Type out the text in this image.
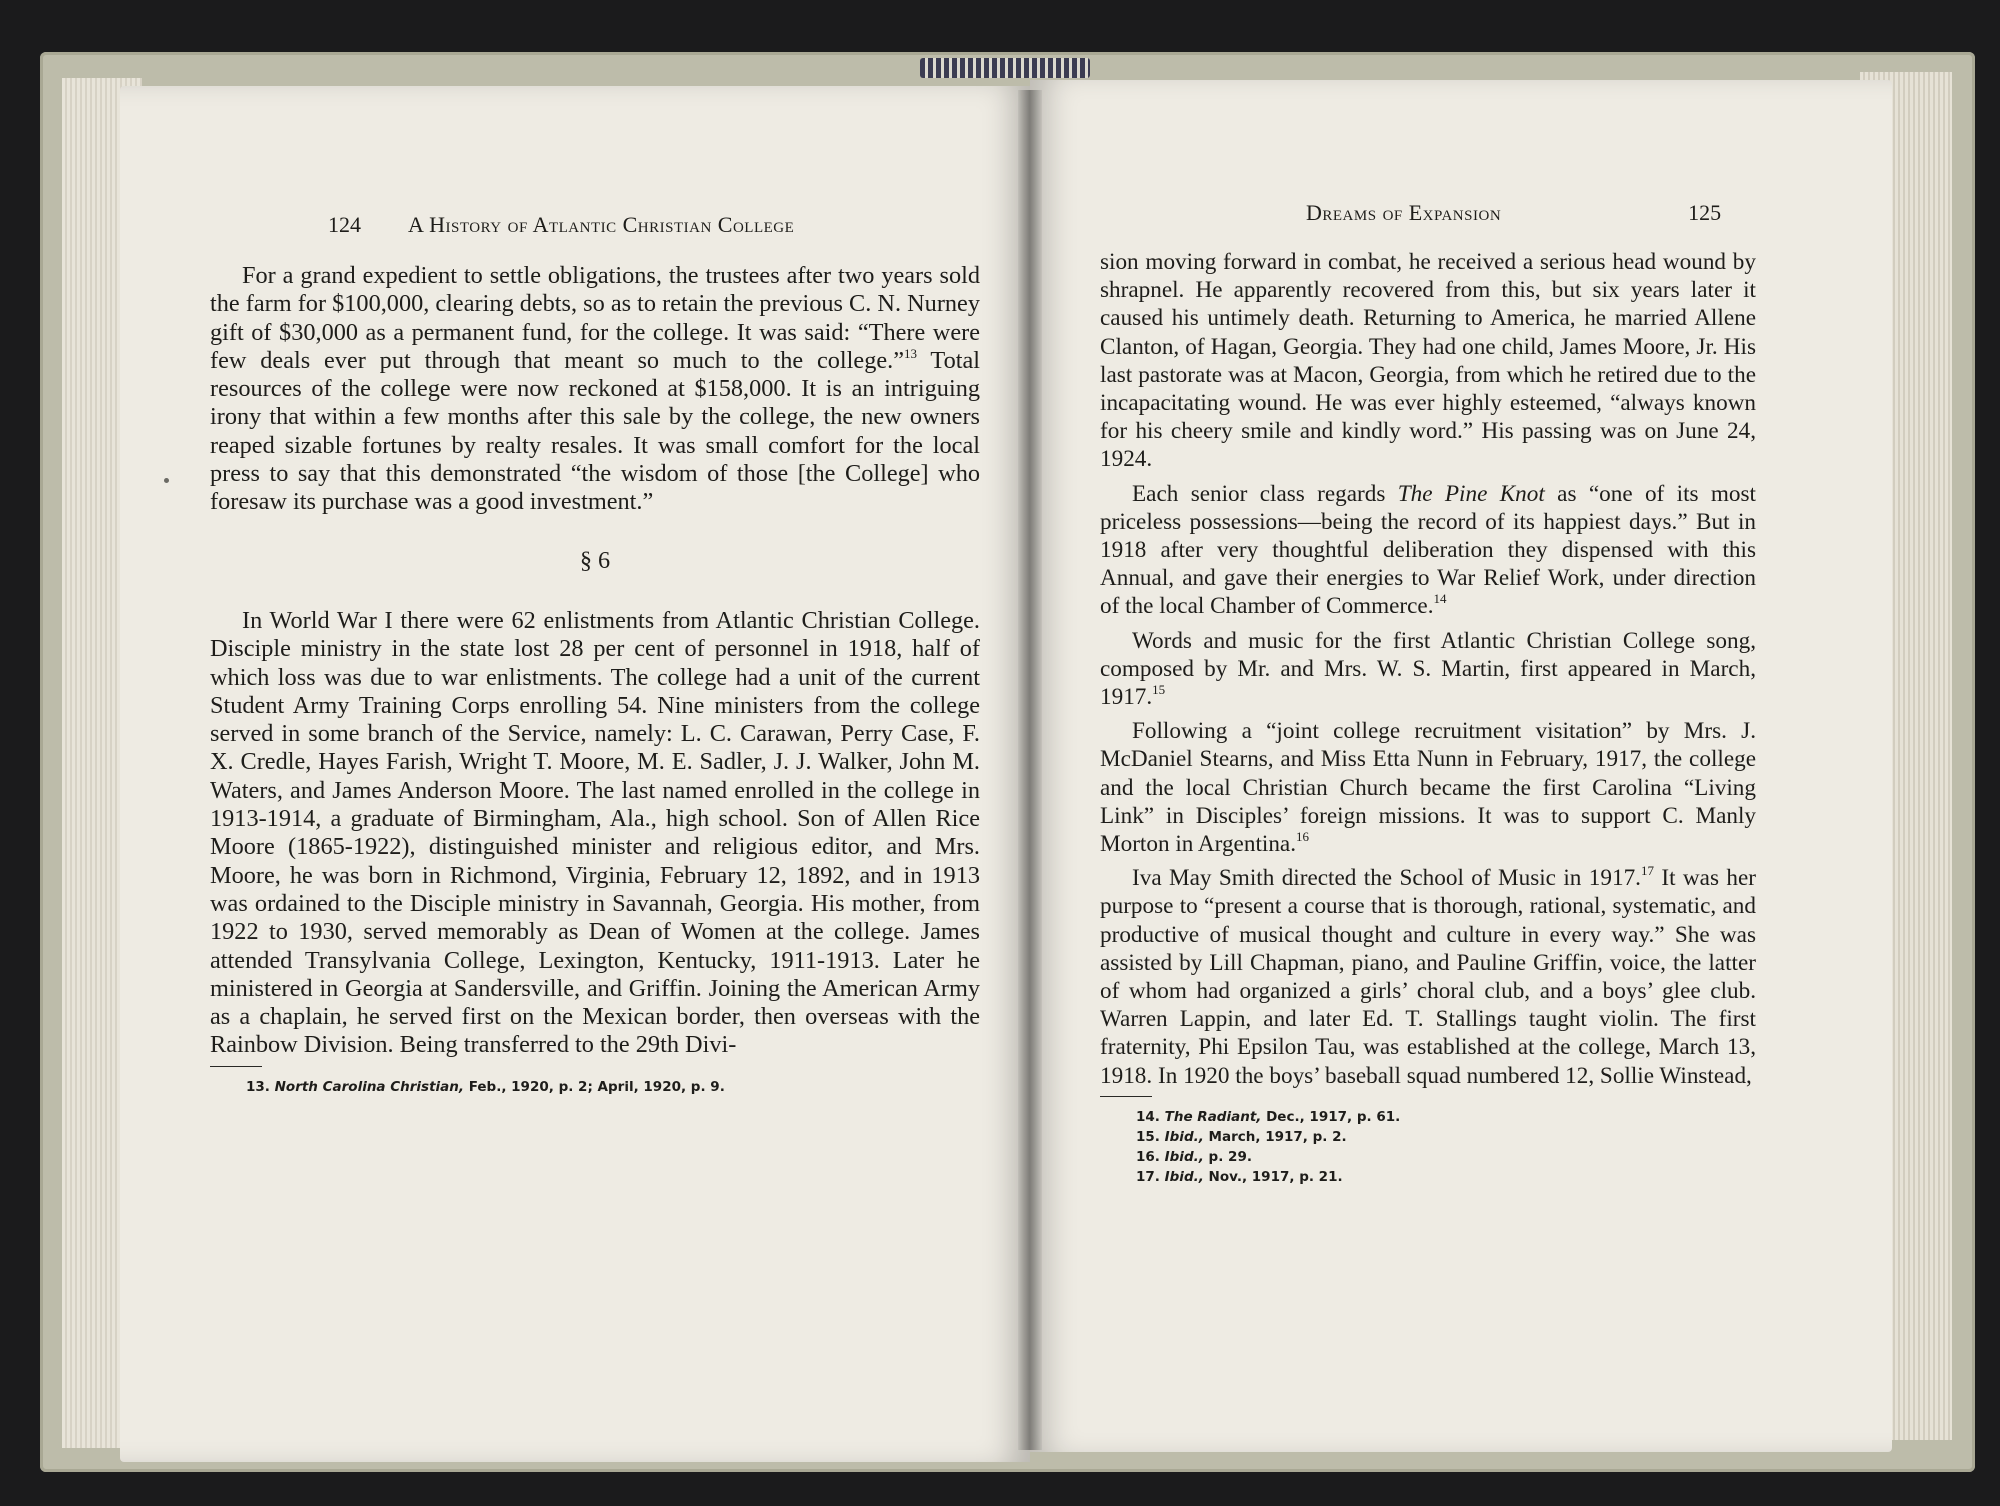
124 A History of Atlantic Christian College	Dreams of Expansion	125

For a grand expedient to settle obligations, the trustees after two years sold the farm for $100,000, clearing debts, so as to retain the previous C. N. Nurney gift of $30,000 as a permanent fund, for the college. It was said: “There were few deals ever put through that meant so much to the college.”$^{13}$ Total resources of the college were now reckoned at $158,000. It is an intriguing irony that within a few months after this sale by the college, the new owners reaped sizable fortunes by realty resales. It was small comfort for the local press to say that this demonstrated “the wisdom of those [the College] who foresaw its purchase was a good investment.”

§ 6

In World War I there were 62 enlistments from Atlantic Christian College. Disciple ministry in the state lost 28 per cent of personnel in 1918, half of which loss was due to war enlistments. The college had a unit of the current Student Army Training Corps enrolling 54. Nine ministers from the college served in some branch of the Service, namely: L. C. Carawan, Perry Case, F. X. Credle, Hayes Farish, Wright T. Moore, M. E. Sadler, J. J. Walker, John M. Waters, and James Anderson Moore. The last named enrolled in the college in 1913-1914, a graduate of Birmingham, Ala., high school. Son of Allen Rice Moore (1865-1922), distinguished minister and religious editor, and Mrs. Moore, he was born in Richmond, Virginia, February 12, 1892, and in 1913 was ordained to the Disciple ministry in Savannah, Georgia. His mother, from 1922 to 1930, served memorably as Dean of Women at the college. James attended Transylvania College, Lexington, Kentucky, 1911-1913. Later he ministered in Georgia at Sandersville, and Griffin. Joining the American Army as a chaplain, he served first on the Mexican border, then overseas with the Rainbow Division. Being transferred to the 29th Divi-

13. North Carolina Christian, Feb., 1920, p. 2; April, 1920, p. 9.

sion moving forward in combat, he received a serious head wound by shrapnel. He apparently recovered from this, but six years later it caused his untimely death. Returning to America, he married Allene Clanton, of Hagan, Georgia. They had one child, James Moore, Jr. His last pastorate was at Macon, Georgia, from which he retired due to the incapacitating wound. He was ever highly esteemed, “always known for his cheery smile and kindly word.” His passing was on June 24, 1924.

Each senior class regards The Pine Knot as “one of its most priceless possessions—being the record of its happiest days.” But in 1918 after very thoughtful deliberation they dispensed with this Annual, and gave their energies to War Relief Work, under direction of the local Chamber of Commerce.$^{14}$

Words and music for the first Atlantic Christian College song, composed by Mr. and Mrs. W. S. Martin, first appeared in March, 1917.15

Following a “joint college recruitment visitation” by Mrs. J. McDaniel Stearns, and Miss Etta Nunn in February, 1917, the college and the local Christian Church became the first Carolina “Living Link” in Disciples’ foreign missions. It was to support C. Manly Morton in Argentina.$^{16}$

Iva May Smith directed the School of Music in 1917.17 It was her purpose to “present a course that is thorough, rational, systematic, and productive of musical thought and culture in every way.” She was assisted by Lill Chapman, piano, and Pauline Griffin, voice, the latter of whom had organized a girls’ choral club, and a boys’ glee club. Warren Lappin, and later Ed. T. Stallings taught violin. The first fraternity, Phi Epsilon Tau, was established at the college, March 13, 1918. In 1920 the boys’ baseball squad numbered 12, Sollie Winstead,

14. The Radiant, Dec., 1917, p. 61.
15. Ibid., March, 1917, p. 2.
16. Ibid., p. 29.
17. Ibid., Nov., 1917, p. 21.
